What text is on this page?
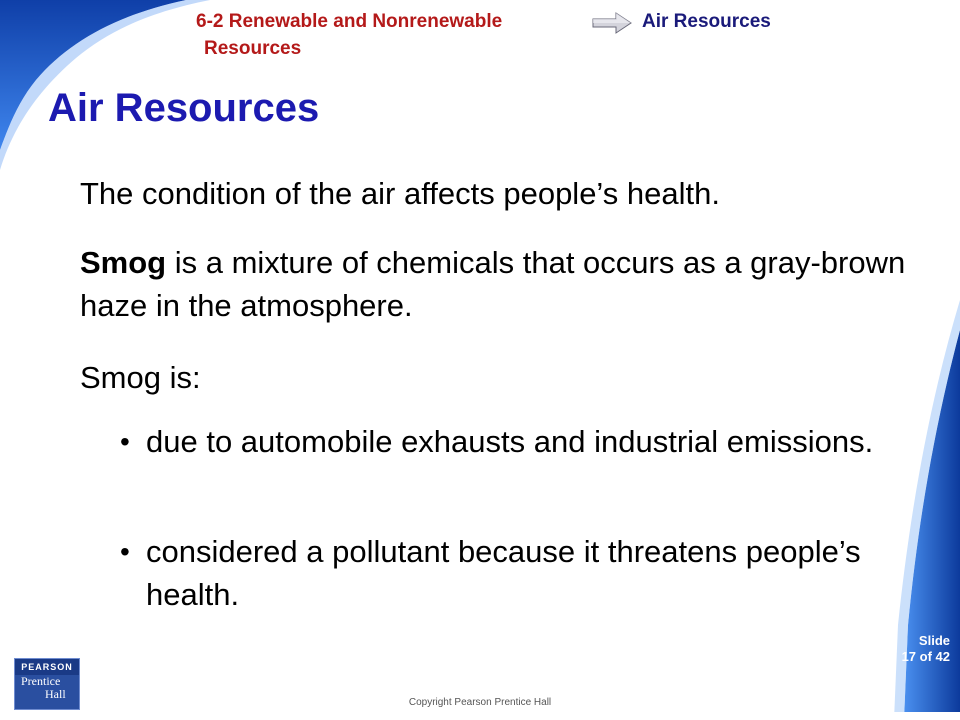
6-2 Renewable and Nonrenewable
Resources
Air Resources
Air Resources

The condition of the air affects people’s health.

Smog is a mixture of chemicals that occurs as a gray-brown haze in the atmosphere.

Smog is:

• due to automobile exhausts and industrial emissions.
• considered a pollutant because it threatens people’s health.
Slide
17 of 42
PEARSON
Prentice
Hall
Copyright Pearson Prentice Hall
